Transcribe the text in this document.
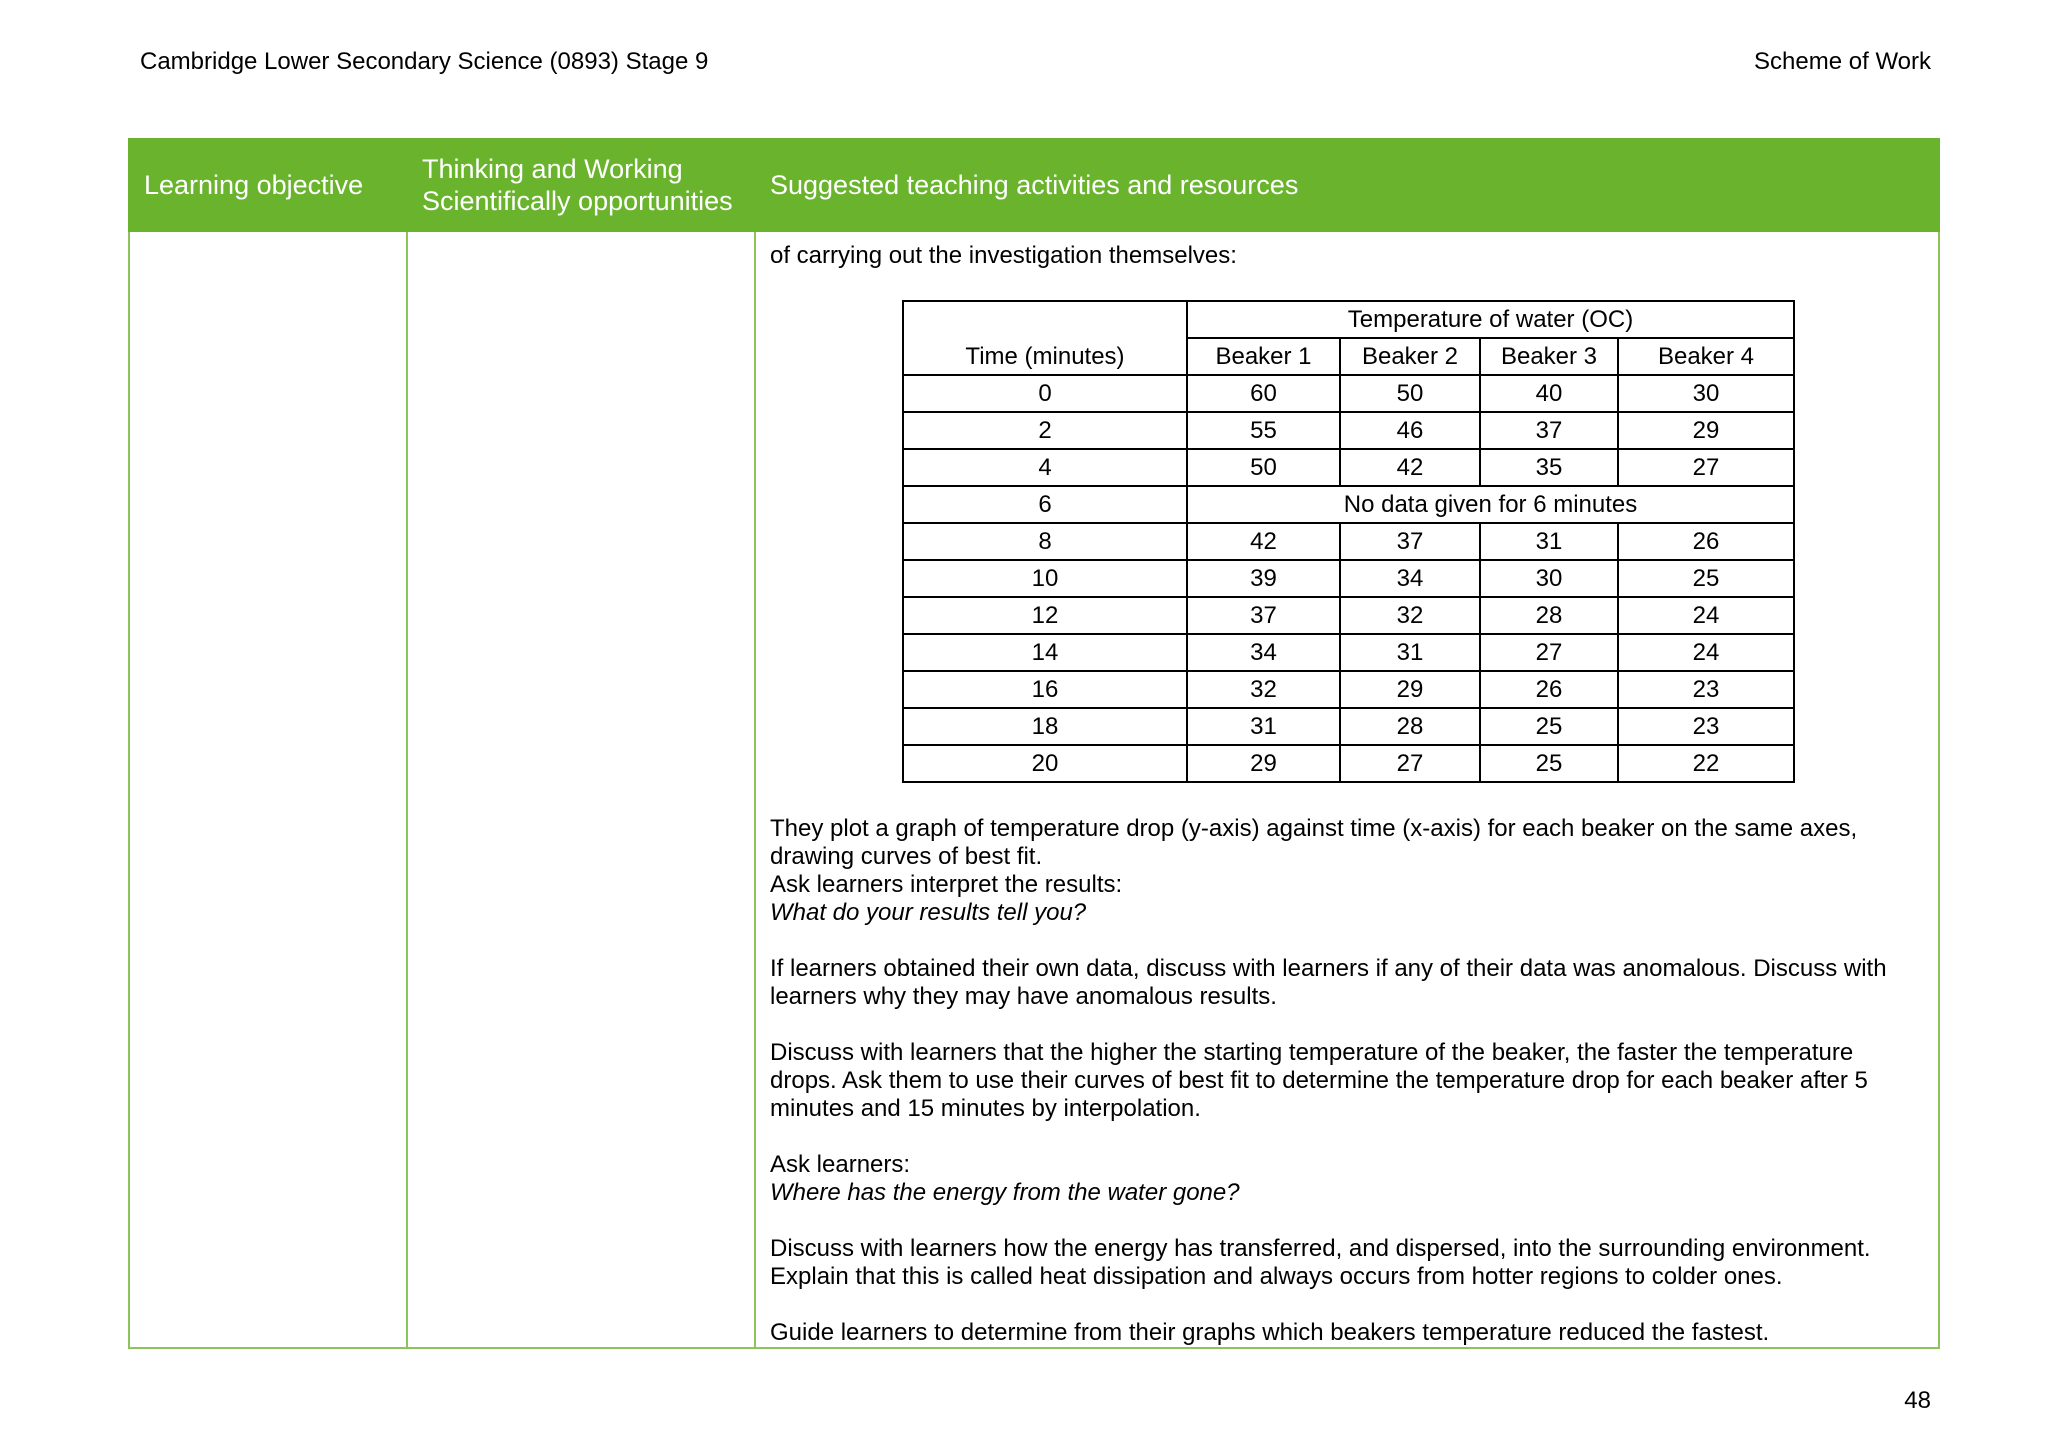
Cambridge Lower Secondary Science (0893) Stage 9	Scheme of Work
Learning objective	Thinking and Working Scientifically opportunities	Suggested teaching activities and resources

of carrying out the investigation themselves:
Time (minutes)	Temperature of water (OC)
Beaker 1	Beaker 2	Beaker 3	Beaker 4
0	60	50	40	30
2	55	46	37	29
4	50	42	35	27
6	No data given for 6 minutes
8	42	37	31	26
10	39	34	30	25
12	37	32	28	24
14	34	31	27	24
16	32	29	26	23
18	31	28	25	23
20	29	27	25	22

They plot a graph of temperature drop (y-axis) against time (x-axis) for each beaker on the same axes, drawing curves of best fit.

Ask learners interpret the results:

What do your results tell you?

If learners obtained their own data, discuss with learners if any of their data was anomalous. Discuss with learners why they may have anomalous results.

Discuss with learners that the higher the starting temperature of the beaker, the faster the temperature drops. Ask them to use their curves of best fit to determine the temperature drop for each beaker after 5 minutes and 15 minutes by interpolation.

Ask learners:

Where has the energy from the water gone?

Discuss with learners how the energy has transferred, and dispersed, into the surrounding environment. Explain that this is called heat dissipation and always occurs from hotter regions to colder ones.

Guide learners to determine from their graphs which beakers temperature reduced the fastest.

48
